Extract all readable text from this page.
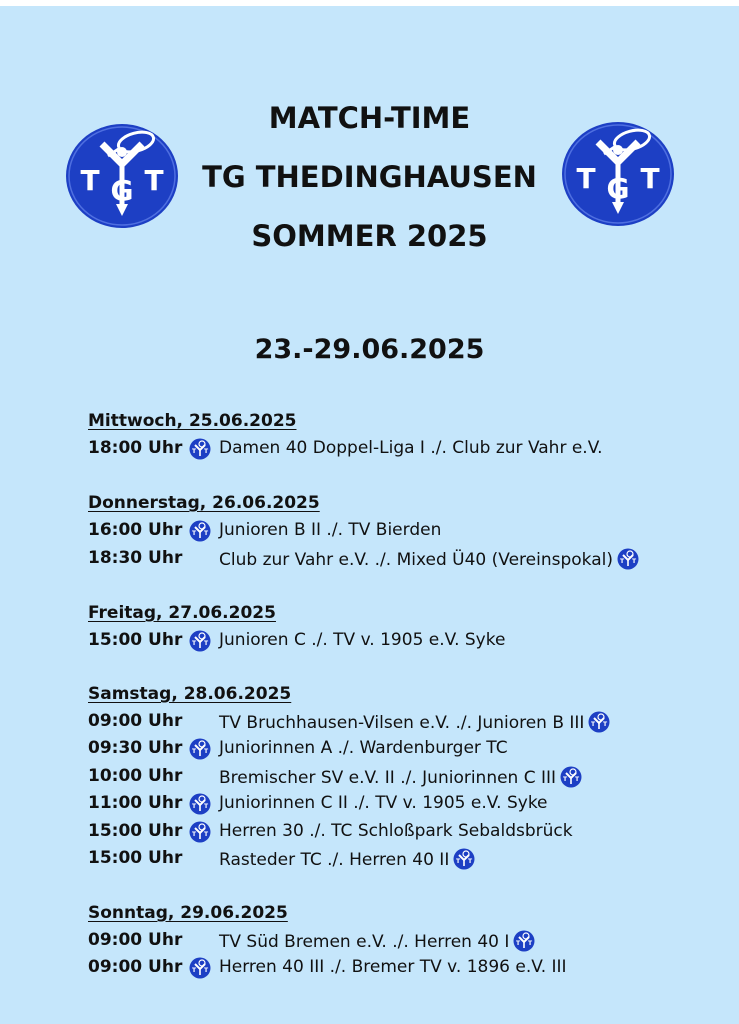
MATCH-TIME
TG THEDINGHAUSEN
SOMMER 2025
23.-29.06.2025
Mittwoch, 25.06.2025
18:00 Uhr Damen 40 Doppel-Liga I ./. Club zur Vahr e.V.
Donnerstag, 26.06.2025
16:00 Uhr Junioren B II ./. TV Bierden
18:30 Uhr Club zur Vahr e.V. ./. Mixed Ü40 (Vereinspokal)
Freitag, 27.06.2025
15:00 Uhr Junioren C ./. TV v. 1905 e.V. Syke
Samstag, 28.06.2025
09:00 Uhr TV Bruchhausen-Vilsen e.V. ./. Junioren B III
09:30 Uhr Juniorinnen A ./. Wardenburger TC
10:00 Uhr Bremischer SV e.V. II ./. Juniorinnen C III
11:00 Uhr Juniorinnen C II ./. TV v. 1905 e.V. Syke
15:00 Uhr Herren 30 ./. TC Schloßpark Sebaldsbrück
15:00 Uhr Rasteder TC ./. Herren 40 II
Sonntag, 29.06.2025
09:00 Uhr TV Süd Bremen e.V. ./. Herren 40 I
09:00 Uhr Herren 40 III ./. Bremer TV v. 1896 e.V. III
